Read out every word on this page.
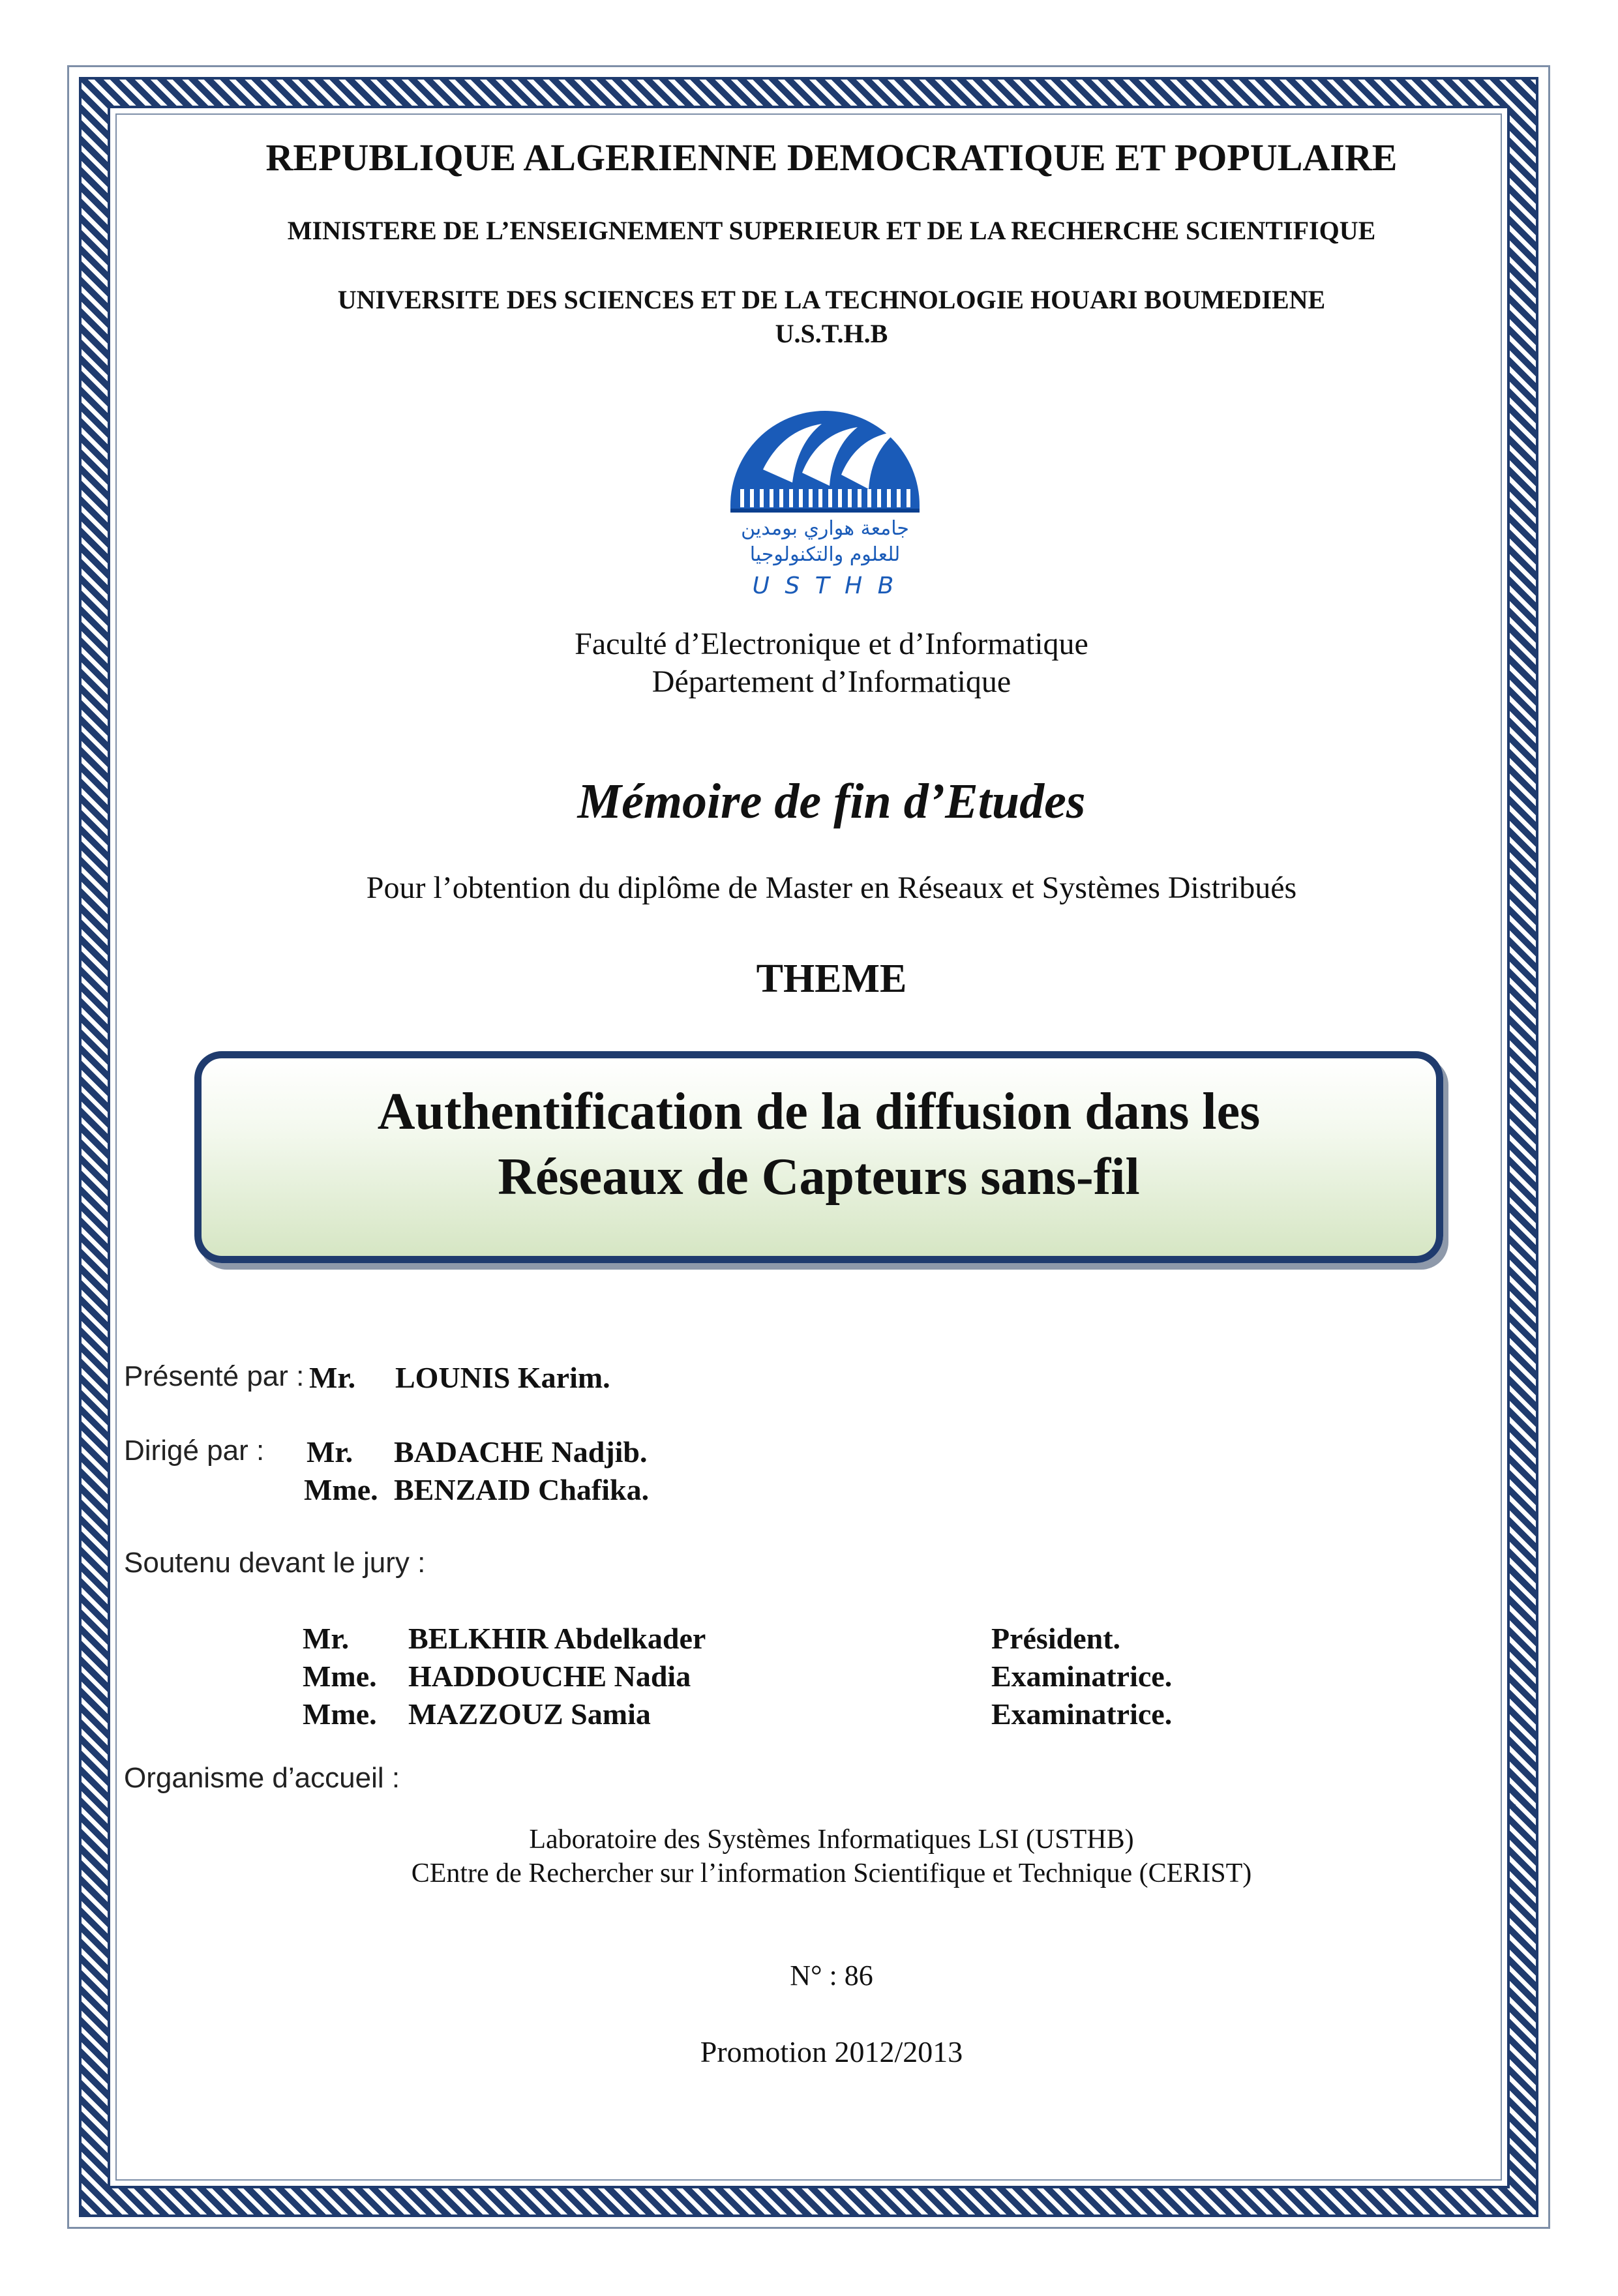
REPUBLIQUE ALGERIENNE DEMOCRATIQUE ET POPULAIRE
MINISTERE DE L’ENSEIGNEMENT SUPERIEUR ET DE LA RECHERCHE SCIENTIFIQUE
UNIVERSITE DES SCIENCES ET DE LA TECHNOLOGIE HOUARI BOUMEDIENE
U.S.T.H.B
جامعة هواري بومدين
للعلوم والتكنولوجيا
U S T H B
Faculté d’Electronique et d’Informatique
Département d’Informatique
Mémoire de fin d’Etudes
Pour l’obtention du diplôme de Master en Réseaux et Systèmes Distribués
THEME
Authentification de la diffusion dans les
Réseaux de Capteurs sans-fil
Présenté par : Mr. LOUNIS Karim.
Dirigé par : Mr. BADACHE Nadjib.
Mme. BENZAID Chafika.
Soutenu devant le jury :
Mr. BELKHIR Abdelkader	Président.
Mme. HADDOUCHE Nadia	Examinatrice.
Mme. MAZZOUZ Samia	Examinatrice.
Organisme d’accueil :
Laboratoire des Systèmes Informatiques LSI (USTHB)
CEntre de Rechercher sur l’information Scientifique et Technique (CERIST)
N° : 86
Promotion 2012/2013
